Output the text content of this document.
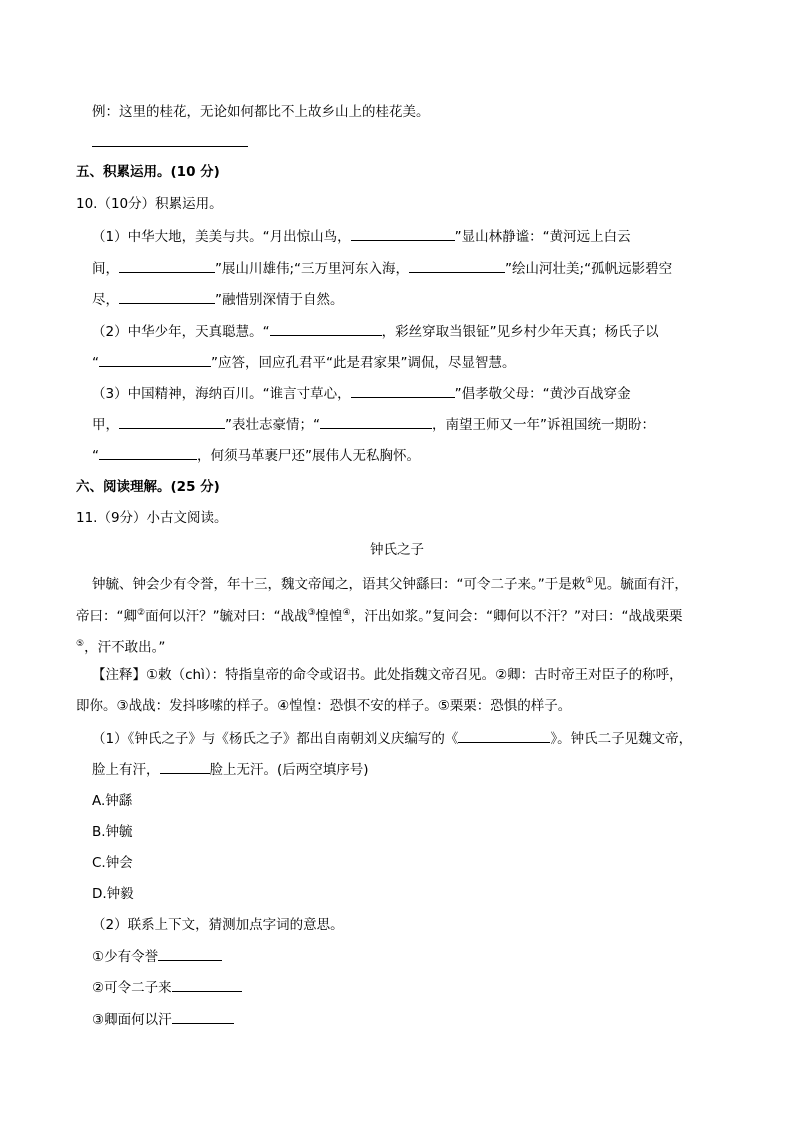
例：这里的桂花，无论如何都比不上故乡山上的桂花美。
五、积累运用。(10 分)
10.（10分）积累运用。
（1）中华大地，美美与共。“月出惊山鸟，	”显山林静谧：“黄河远上白云
间，	”展山川雄伟;“三万里河东入海，	”绘山河壮美;“孤帆远影碧空
尽，	”融惜别深情于自然。
（2）中华少年，天真聪慧。“	，彩丝穿取当银钲”见乡村少年天真；杨氏子以
“	”应答，回应孔君平“此是君家果”调侃，尽显智慧。
（3）中国精神，海纳百川。“谁言寸草心，	”倡孝敬父母：“黄沙百战穿金
甲，	”表壮志豪情；“	，南望王师又一年”诉祖国统一期盼：
“	，何须马革裹尸还”展伟人无私胸怀。
六、阅读理解。(25 分)
11.（9分）小古文阅读。
钟氏之子
钟毓、钟会少有令誉，年十三，魏文帝闻之，语其父钟繇曰：“可令二子来。”于是敕①见。毓面有汗，
帝曰：“卿②面何以汗？”毓对曰：“战战③惶惶④，汗出如浆。”复问会：“卿何以不汗？”对曰：“战战栗栗
⑤，汗不敢出。”
【注释】①敕（chì）：特指皇帝的命令或诏书。此处指魏文帝召见。②卿：古时帝王对臣子的称呼，
即你。③战战：发抖哆嗦的样子。④惶惶：恐惧不安的样子。⑤栗栗：恐惧的样子。
（1）《钟氏之子》与《杨氏之子》都出自南朝刘义庆编写的《	》。钟氏二子见魏文帝，
脸上有汗，	脸上无汗。(后两空填序号)
A.钟繇
B.钟毓
C.钟会
D.钟毅
（2）联系上下文，猜测加点字词的意思。
①少有令誉
②可令二子来
③卿面何以汗
